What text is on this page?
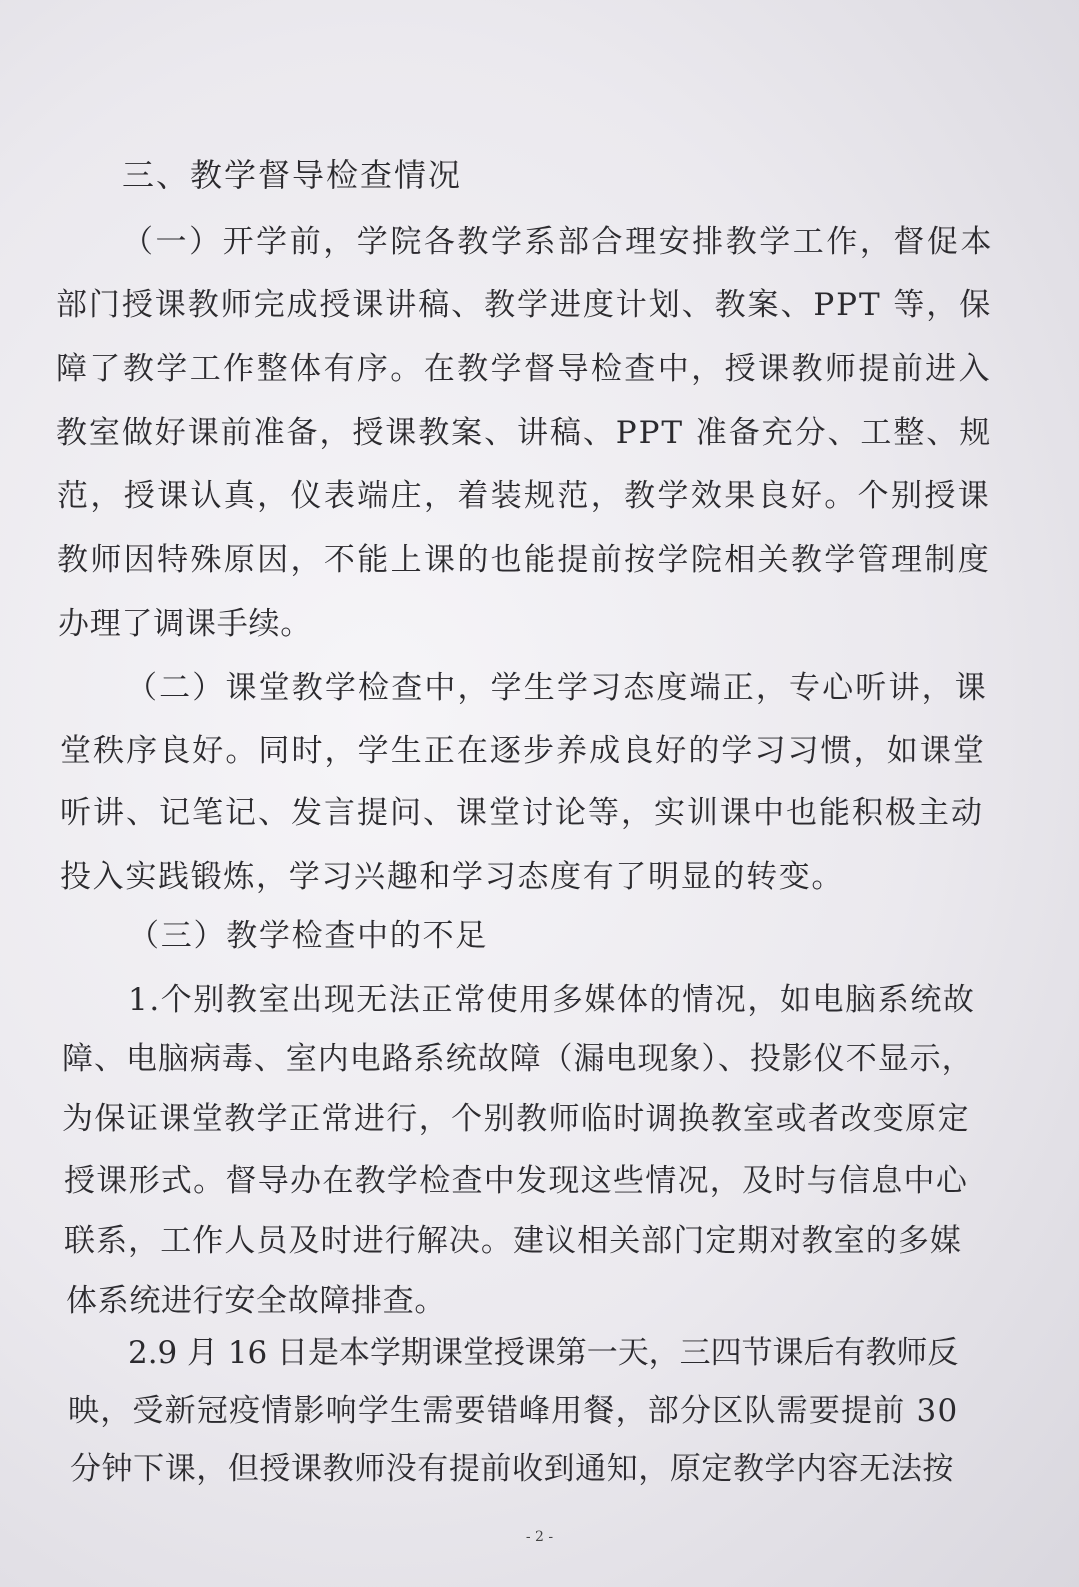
三、教学督导检查情况
（一）开学前，学院各教学系部合理安排教学工作，督促本
部门授课教师完成授课讲稿、教学进度计划、教案、PPT 等，保
障了教学工作整体有序。在教学督导检查中，授课教师提前进入
教室做好课前准备，授课教案、讲稿、PPT 准备充分、工整、规
范，授课认真，仪表端庄，着装规范，教学效果良好。个别授课
教师因特殊原因，不能上课的也能提前按学院相关教学管理制度
办理了调课手续。
（二）课堂教学检查中，学生学习态度端正，专心听讲，课
堂秩序良好。同时，学生正在逐步养成良好的学习习惯，如课堂
听讲、记笔记、发言提问、课堂讨论等，实训课中也能积极主动
投入实践锻炼，学习兴趣和学习态度有了明显的转变。
（三）教学检查中的不足
1.个别教室出现无法正常使用多媒体的情况，如电脑系统故
障、电脑病毒、室内电路系统故障（漏电现象）、投影仪不显示，
为保证课堂教学正常进行，个别教师临时调换教室或者改变原定
授课形式。督导办在教学检查中发现这些情况，及时与信息中心
联系，工作人员及时进行解决。建议相关部门定期对教室的多媒
体系统进行安全故障排查。
2.9 月 16 日是本学期课堂授课第一天，三四节课后有教师反
映，受新冠疫情影响学生需要错峰用餐，部分区队需要提前 30
分钟下课，但授课教师没有提前收到通知，原定教学内容无法按
- 2 -
